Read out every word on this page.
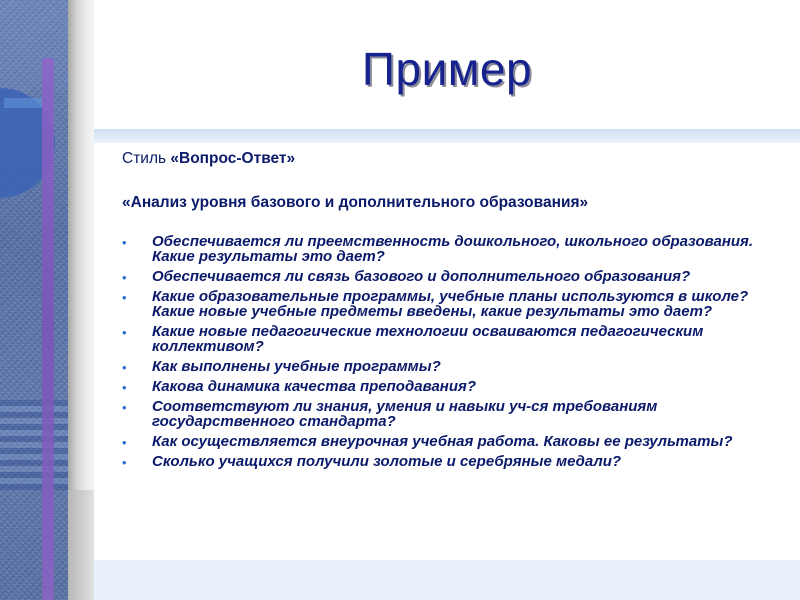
Пример

Стиль «Вопрос-Ответ»

«Анализ уровня базового и дополнительного образования»

• Обеспечивается ли преемственность дошкольного, школьного образования. Какие результаты это дает?
• Обеспечивается ли связь базового и дополнительного образования?
• Какие образовательные программы, учебные планы используются в школе? Какие новые учебные предметы введены, какие результаты это дает?
• Какие новые педагогические технологии осваиваются педагогическим коллективом?
• Как выполнены учебные программы?
• Какова динамика качества преподавания?
• Соответствуют ли знания, умения и навыки уч-ся требованиям государственного стандарта?
• Как осуществляется внеурочная учебная работа. Каковы ее результаты?
• Сколько учащихся получили золотые и серебряные медали?
